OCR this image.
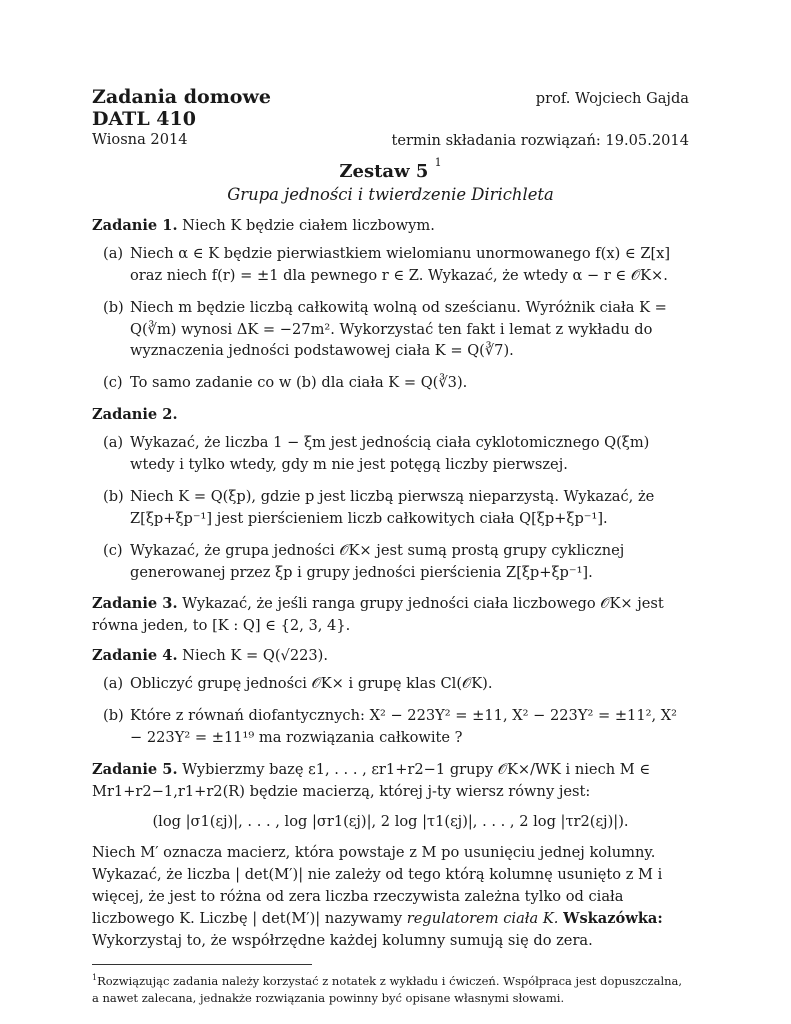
Zadania domowe
DATL 410
Wiosna 2014
prof. Wojciech Gajda
termin składania rozwiązań: 19.05.2014
Zestaw 5 $^1$
Grupa jedności i twierdzenie Dirichleta
Zadanie 1. Niech K będzie ciałem liczbowym.
(a) Niech α ∈ K będzie pierwiastkiem wielomianu unormowanego f(x) ∈ Z[x] oraz niech f(r) = ±1 dla pewnego r ∈ Z. Wykazać, że wtedy α − r ∈ 𝒪K×.
(b) Niech m będzie liczbą całkowitą wolną od sześcianu. Wyróżnik ciała K = Q(∛m) wynosi ΔK = −27m². Wykorzystać ten fakt i lemat z wykładu do wyznaczenia jedności podstawowej ciała K = Q(∛7).
(c) To samo zadanie co w (b) dla ciała K = Q(∛3).
Zadanie 2.
(a) Wykazać, że liczba 1 − ξm jest jednością ciała cyklotomicznego Q(ξm) wtedy i tylko wtedy, gdy m nie jest potęgą liczby pierwszej.
(b) Niech K = Q(ξp), gdzie p jest liczbą pierwszą nieparzystą. Wykazać, że Z[ξp+ξp⁻¹] jest pierścieniem liczb całkowitych ciała Q[ξp+ξp⁻¹].
(c) Wykazać, że grupa jedności 𝒪K× jest sumą prostą grupy cyklicznej generowanej przez ξp i grupy jedności pierścienia Z[ξp+ξp⁻¹].
Zadanie 3. Wykazać, że jeśli ranga grupy jedności ciała liczbowego 𝒪K× jest równa jeden, to [K : Q] ∈ {2, 3, 4}.
Zadanie 4. Niech K = Q(√223).
(a) Obliczyć grupę jedności 𝒪K× i grupę klas Cl(𝒪K).
(b) Które z równań diofantycznych: X² − 223Y² = ±11, X² − 223Y² = ±11², X² − 223Y² = ±11¹⁹ ma rozwiązania całkowite ?
Zadanie 5. Wybierzmy bazę ε1, . . . , εr1+r2−1 grupy 𝒪K×/WK i niech M ∈ Mr1+r2−1,r1+r2(R) będzie macierzą, której j-ty wiersz równy jest:
(log |σ1(εj)|, . . . , log |σr1(εj)|, 2 log |τ1(εj)|, . . . , 2 log |τr2(εj)|).
Niech M′ oznacza macierz, która powstaje z M po usunięciu jednej kolumny. Wykazać, że liczba | det(M′)| nie zależy od tego którą kolumnę usunięto z M i więcej, że jest to różna od zera liczba rzeczywista zależna tylko od ciała liczbowego K. Liczbę | det(M′)| nazywamy regulatorem ciała K. Wskazówka: Wykorzystaj to, że współrzędne każdej kolumny sumują się do zera.
$^1$Rozwiązując zadania należy korzystać z notatek z wykładu i ćwiczeń. Współpraca jest dopuszczalna, a nawet zalecana, jednakże rozwiązania powinny być opisane własnymi słowami.
